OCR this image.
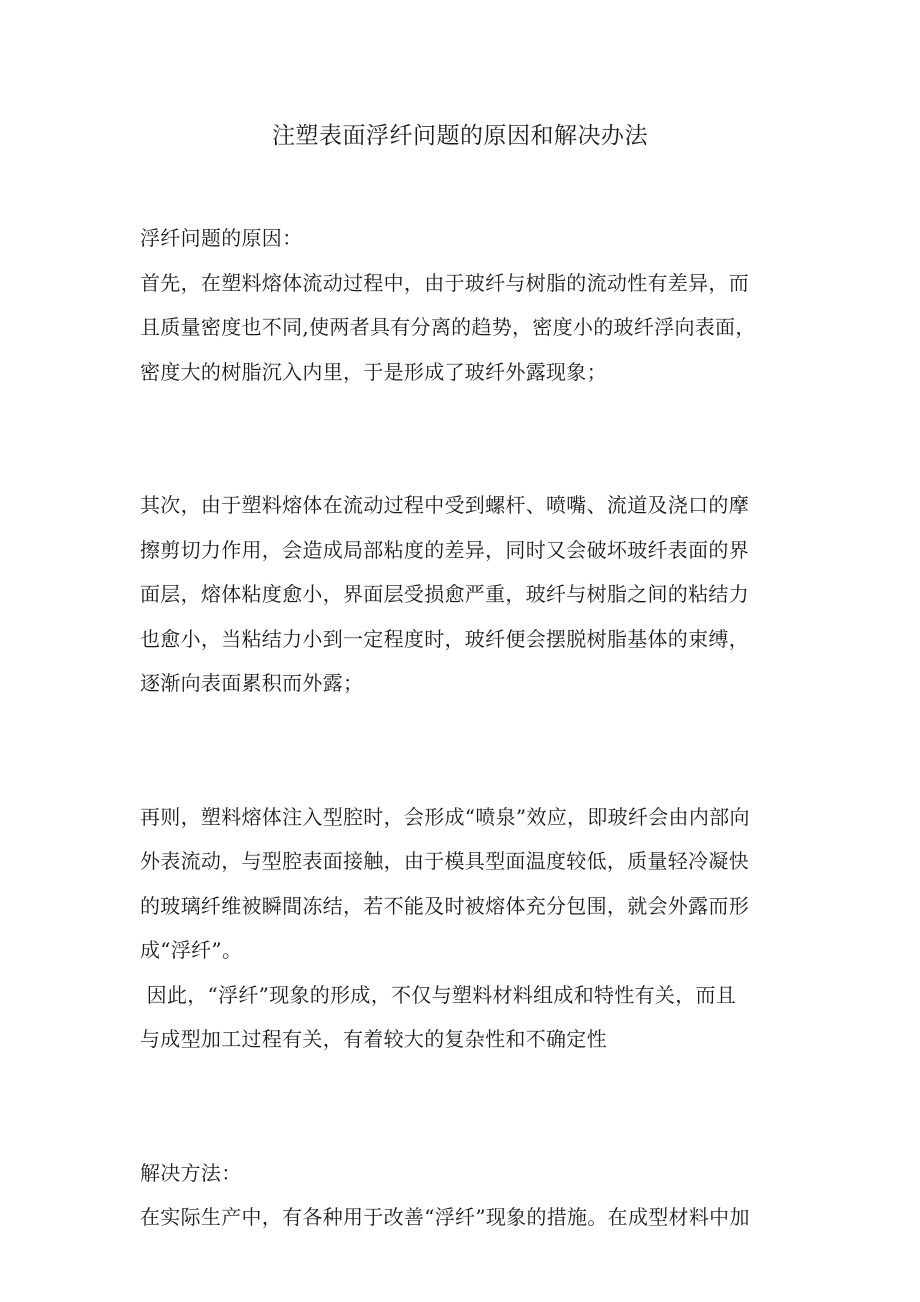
注塑表面浮纤问题的原因和解决办法
浮纤问题的原因：
首先，在塑料熔体流动过程中，由于玻纤与树脂的流动性有差异，而
且质量密度也不同,使两者具有分离的趋势，密度小的玻纤浮向表面，
密度大的树脂沉入内里，于是形成了玻纤外露现象；
其次，由于塑料熔体在流动过程中受到螺杆、喷嘴、流道及浇口的摩
擦剪切力作用，会造成局部粘度的差异，同时又会破坏玻纤表面的界
面层，熔体粘度愈小，界面层受损愈严重，玻纤与树脂之间的粘结力
也愈小，当粘结力小到一定程度时，玻纤便会摆脱树脂基体的束缚，
逐渐向表面累积而外露；
再则，塑料熔体注入型腔时，会形成“喷泉”效应，即玻纤会由内部向
外表流动，与型腔表面接触，由于模具型面温度较低，质量轻冷凝快
的玻璃纤维被瞬間冻结，若不能及时被熔体充分包围，就会外露而形
成“浮纤”。
因此，“浮纤”现象的形成，不仅与塑料材料组成和特性有关，而且
与成型加工过程有关，有着较大的复杂性和不确定性
解决方法：
在实际生产中，有各种用于改善“浮纤”现象的措施。在成型材料中加
